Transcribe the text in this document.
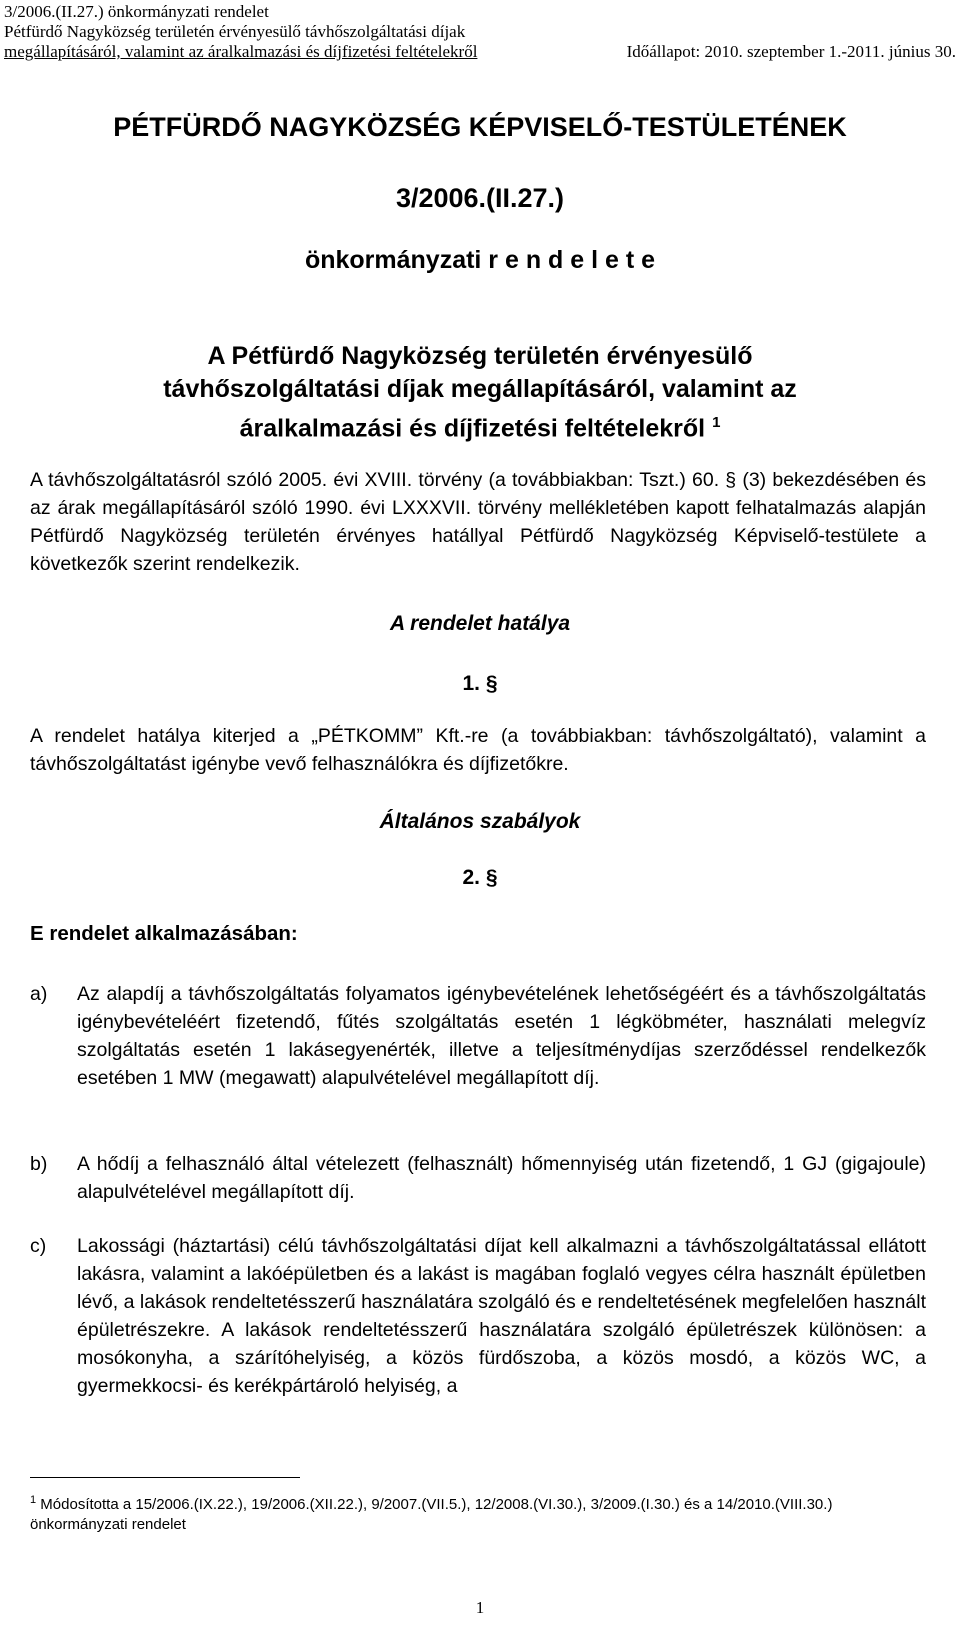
3/2006.(II.27.) önkormányzati rendelet
Pétfürdő Nagyközség területén érvényesülő távhőszolgáltatási díjak
megállapításáról, valamint az áralkalmazási és díjfizetési feltételekről	Időállapot: 2010. szeptember 1.-2011. június 30.
PÉTFÜRDŐ NAGYKÖZSÉG KÉPVISELŐ-TESTÜLETÉNEK
3/2006.(II.27.)
önkormányzati r e n d e l e t e
A Pétfürdő Nagyközség területén érvényesülő
távhőszolgáltatási díjak megállapításáról, valamint az
áralkalmazási és díjfizetési feltételekről $^1$
A távhőszolgáltatásról szóló 2005. évi XVIII. törvény (a továbbiakban: Tszt.) 60. § (3) bekezdésében és az árak megállapításáról szóló 1990. évi LXXXVII. törvény mellékletében kapott felhatalmazás alapján Pétfürdő Nagyközség területén érvényes hatállyal Pétfürdő Nagyközség Képviselő-testülete a következők szerint rendelkezik.
A rendelet hatálya
1. §
A rendelet hatálya kiterjed a „PÉTKOMM” Kft.-re (a továbbiakban: távhőszolgáltató), valamint a távhőszolgáltatást igénybe vevő felhasználókra és díjfizetőkre.
Általános szabályok
2. §
E rendelet alkalmazásában:
a)	Az alapdíj a távhőszolgáltatás folyamatos igénybevételének lehetőségéért és a távhőszolgáltatás igénybevételéért fizetendő, fűtés szolgáltatás esetén 1 légköbméter, használati melegvíz szolgáltatás esetén 1 lakásegyenérték, illetve a teljesítménydíjas szerződéssel rendelkezők esetében 1 MW (megawatt) alapulvételével megállapított díj.
b)	A hődíj a felhasználó által vételezett (felhasznált) hőmennyiség után fizetendő, 1 GJ (gigajoule) alapulvételével megállapított díj.
c)	Lakossági (háztartási) célú távhőszolgáltatási díjat kell alkalmazni a távhőszolgáltatással ellátott lakásra, valamint a lakóépületben és a lakást is magában foglaló vegyes célra használt épületben lévő, a lakások rendeltetésszerű használatára szolgáló és e rendeltetésének megfelelően használt épületrészekre. A lakások rendeltetésszerű használatára szolgáló épületrészek különösen: a mosókonyha, a szárítóhelyiség, a közös fürdőszoba, a közös mosdó, a közös WC, a gyermekkocsi- és kerékpártároló helyiség, a
$^1$ Módosította a 15/2006.(IX.22.), 19/2006.(XII.22.), 9/2007.(VII.5.), 12/2008.(VI.30.), 3/2009.(I.30.) és a 14/2010.(VIII.30.) önkormányzati rendelet
1
